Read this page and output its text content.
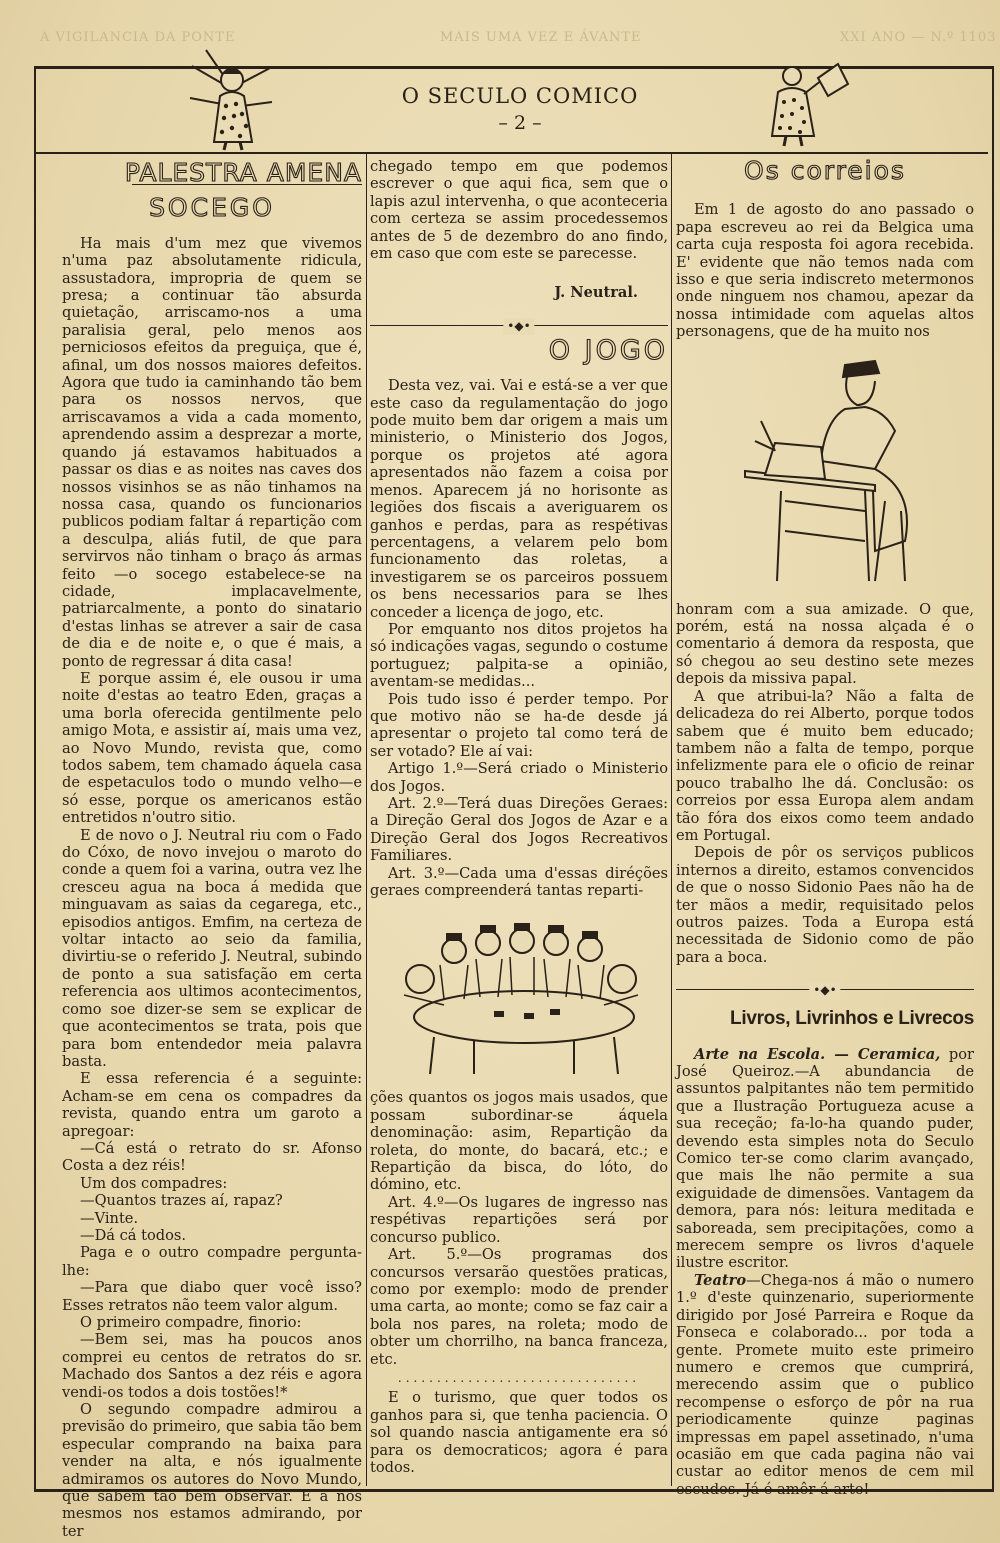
A VIGILANCIA DA PONTE	MAIS UMA VEZ E ÁVANTE	XXI ANO — N.º 1103
O SECULO COMICO
– 2 –
PALESTRA AMENA
SOCEGO

Ha mais d'um mez que vivemos n'uma paz absolutamente ridicula, assustadora, impropria de quem se presa; a continuar tão absurda quietação, arriscamo-nos a uma paralisia geral, pelo menos aos perniciosos efeitos da preguiça, que é, afinal, um dos nossos maiores defeitos. Agora que tudo ia caminhando tão bem para os nossos nervos, que arriscavamos a vida a cada momento, aprendendo assim a desprezar a morte, quando já estavamos habituados a passar os dias e as noites nas caves dos nossos visinhos se as não tinhamos na nossa casa, quando os funcionarios publicos podiam faltar á repartição com a desculpa, aliás futil, de que para servirvos não tinham o braço ás armas feito —o socego estabelece-se na cidade, implacavelmente, patriarcalmente, a ponto do sinatario d'estas linhas se atrever a sair de casa de dia e de noite e, o que é mais, a ponto de regressar á dita casa!

E porque assim é, ele ousou ir uma noite d'estas ao teatro Eden, graças a uma borla oferecida gentilmente pelo amigo Mota, e assistir aí, mais uma vez, ao Novo Mundo, revista que, como todos sabem, tem chamado áquela casa de espetaculos todo o mundo velho—e só esse, porque os americanos estão entretidos n'outro sitio.

E de novo o J. Neutral riu com o Fado do Cóxo, de novo invejou o maroto do conde a quem foi a varina, outra vez lhe cresceu agua na boca á medida que minguavam as saias da cegarega, etc., episodios antigos. Emfim, na certeza de voltar intacto ao seio da familia, divirtiu-se o referido J. Neutral, subindo de ponto a sua satisfação em certa referencia aos ultimos acontecimentos, como soe dizer-se sem se explicar de que acontecimentos se trata, pois que para bom entendedor meia palavra basta.

E essa referencia é a seguinte: Acham-se em cena os compadres da revista, quando entra um garoto a apregoar:

—Cá está o retrato do sr. Afonso Costa a dez réis!

Um dos compadres:

—Quantos trazes aí, rapaz?

—Vinte.

—Dá cá todos.

Paga e o outro compadre pergunta-lhe:

—Para que diabo quer você isso? Esses retratos não teem valor algum.

O primeiro compadre, finorio:

—Bem sei, mas ha poucos anos comprei eu centos de retratos do sr. Machado dos Santos a dez réis e agora vendi-os todos a dois tostões!*

O segundo compadre admirou a previsão do primeiro, que sabia tão bem especular comprando na baixa para vender na alta, e nós igualmente admiramos os autores do Novo Mundo, que sabem tão bem observar. E a nós mesmos nos estamos admirando, por ter

chegado tempo em que podemos escrever o que aqui fica, sem que o lapis azul intervenha, o que aconteceria com certeza se assim procedessemos antes de 5 de dezembro do ano findo, em caso que com este se parecesse.

J. Neutral.
•◆•
O JOGO

Desta vez, vai. Vai e está-se a ver que este caso da regulamentação do jogo pode muito bem dar origem a mais um ministerio, o Ministerio dos Jogos, porque os projetos até agora apresentados não fazem a coisa por menos. Aparecem já no horisonte as legiões dos fiscais a averiguarem os ganhos e perdas, para as respétivas percentagens, a velarem pelo bom funcionamento das roletas, a investigarem se os parceiros possuem os bens necessarios para se lhes conceder a licença de jogo, etc.

Por emquanto nos ditos projetos ha só indicações vagas, segundo o costume portuguez; palpita-se a opinião, aventam-se medidas...

Pois tudo isso é perder tempo. Por que motivo não se ha-de desde já apresentar o projeto tal como terá de ser votado? Ele aí vai:

Artigo 1.º—Será criado o Ministerio dos Jogos.

Art. 2.º—Terá duas Direções Geraes: a Direção Geral dos Jogos de Azar e a Direção Geral dos Jogos Recreativos Familiares.

Art. 3.º—Cada uma d'essas diréções geraes compreenderá tantas reparti-

ções quantos os jogos mais usados, que possam subordinar-se áquela denominação: asim, Repartição da roleta, do monte, do bacará, etc.; e Repartição da bisca, do lóto, do dómino, etc.

Art. 4.º—Os lugares de ingresso nas respétivas repartições será por concurso publico.

Art. 5.º—Os programas dos concursos versarão questões praticas, como por exemplo: modo de prender uma carta, ao monte; como se faz cair a bola nos pares, na roleta; modo de obter um chorrilho, na banca franceza, etc.

...............................

E o turismo, que quer todos os ganhos para si, que tenha paciencia. O sol quando nascia antigamente era só para os democraticos; agora é para todos.

Os correios

Em 1 de agosto do ano passado o papa escreveu ao rei da Belgica uma carta cuja resposta foi agora recebida. E' evidente que não temos nada com isso e que seria indiscreto metermonos onde ninguem nos chamou, apezar da nossa intimidade com aquelas altos personagens, que de ha muito nos

honram com a sua amizade. O que, porém, está na nossa alçada é o comentario á demora da resposta, que só chegou ao seu destino sete mezes depois da missiva papal.

A que atribui-la? Não a falta de delicadeza do rei Alberto, porque todos sabem que é muito bem educado; tambem não a falta de tempo, porque infelizmente para ele o oficio de reinar pouco trabalho lhe dá. Conclusão: os correios por essa Europa alem andam tão fóra dos eixos como teem andado em Portugal.

Depois de pôr os serviços publicos internos a direito, estamos convencidos de que o nosso Sidonio Paes não ha de ter mãos a medir, requisitado pelos outros paizes. Toda a Europa está necessitada de Sidonio como de pão para a boca.

•◆•
Livros, Livrinhos e Livrecos

Arte na Escola. — Ceramica, por José Queiroz.—A abundancia de assuntos palpitantes não tem permitido que a Ilustração Portugueza acuse a sua receção; fa-lo-ha quando puder, devendo esta simples nota do Seculo Comico ter-se como clarim avançado, que mais lhe não permite a sua exiguidade de dimensões. Vantagem da demora, para nós: leitura meditada e saboreada, sem precipitações, como a merecem sempre os livros d'aquele ilustre escritor.

Teatro—Chega-nos á mão o numero 1.º d'este quinzenario, superiormente dirigido por José Parreira e Roque da Fonseca e colaborado... por toda a gente. Promete muito este primeiro numero e cremos que cumprirá, merecendo assim que o publico recompense o esforço de pôr na rua periodicamente quinze paginas impressas em papel assetinado, n'uma ocasião em que cada pagina não vai custar ao editor menos de cem mil escudos. Já é amôr á arte!
